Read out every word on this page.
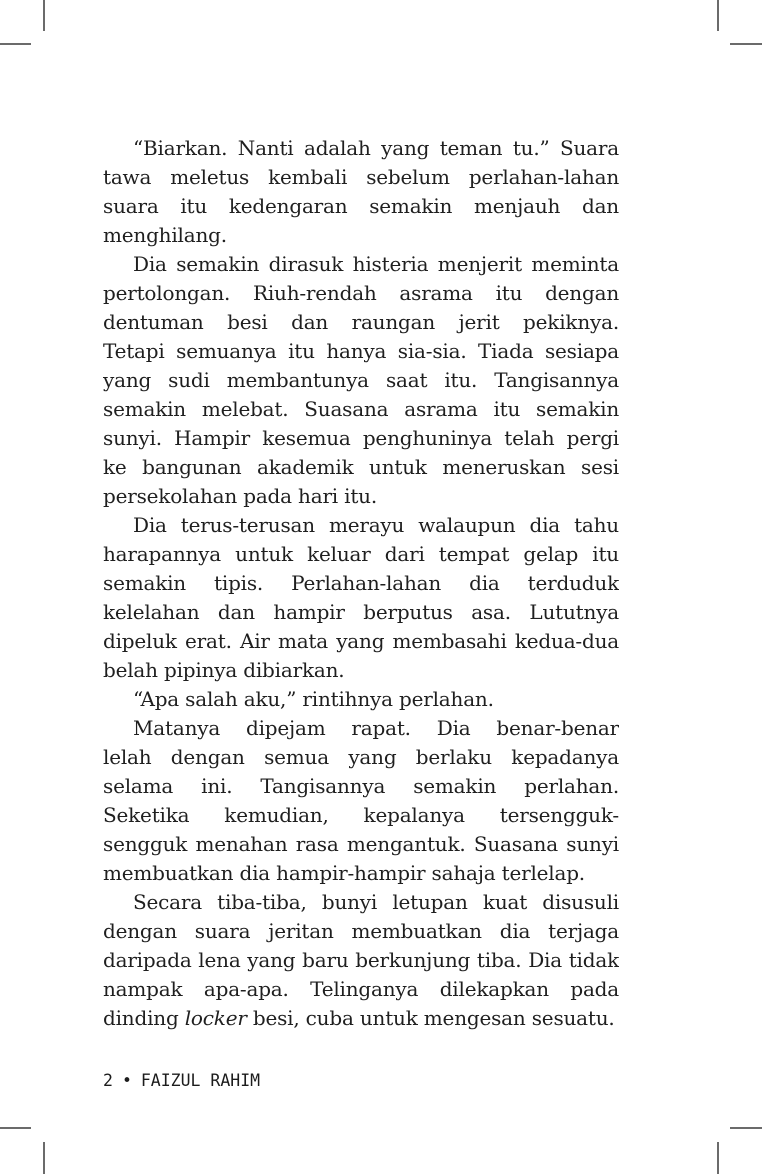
“Biarkan. Nanti adalah yang teman tu.” Suara
tawa meletus kembali sebelum perlahan-lahan
suara itu kedengaran semakin menjauh dan
menghilang.
Dia semakin dirasuk histeria menjerit meminta
pertolongan. Riuh-rendah asrama itu dengan
dentuman besi dan raungan jerit pekiknya.
Tetapi semuanya itu hanya sia-sia. Tiada sesiapa
yang sudi membantunya saat itu. Tangisannya
semakin melebat. Suasana asrama itu semakin
sunyi. Hampir kesemua penghuninya telah pergi
ke bangunan akademik untuk meneruskan sesi
persekolahan pada hari itu.
Dia terus-terusan merayu walaupun dia tahu
harapannya untuk keluar dari tempat gelap itu
semakin tipis. Perlahan-lahan dia terduduk
kelelahan dan hampir berputus asa. Lututnya
dipeluk erat. Air mata yang membasahi kedua-dua
belah pipinya dibiarkan.
“Apa salah aku,” rintihnya perlahan.
Matanya dipejam rapat. Dia benar-benar
lelah dengan semua yang berlaku kepadanya
selama ini. Tangisannya semakin perlahan.
Seketika kemudian, kepalanya tersengguk-
sengguk menahan rasa mengantuk. Suasana sunyi
membuatkan dia hampir-hampir sahaja terlelap.
Secara tiba-tiba, bunyi letupan kuat disusuli
dengan suara jeritan membuatkan dia terjaga
daripada lena yang baru berkunjung tiba. Dia tidak
nampak apa-apa. Telinganya dilekapkan pada
dinding locker besi, cuba untuk mengesan sesuatu.
2 • FAIZUL RAHIM
